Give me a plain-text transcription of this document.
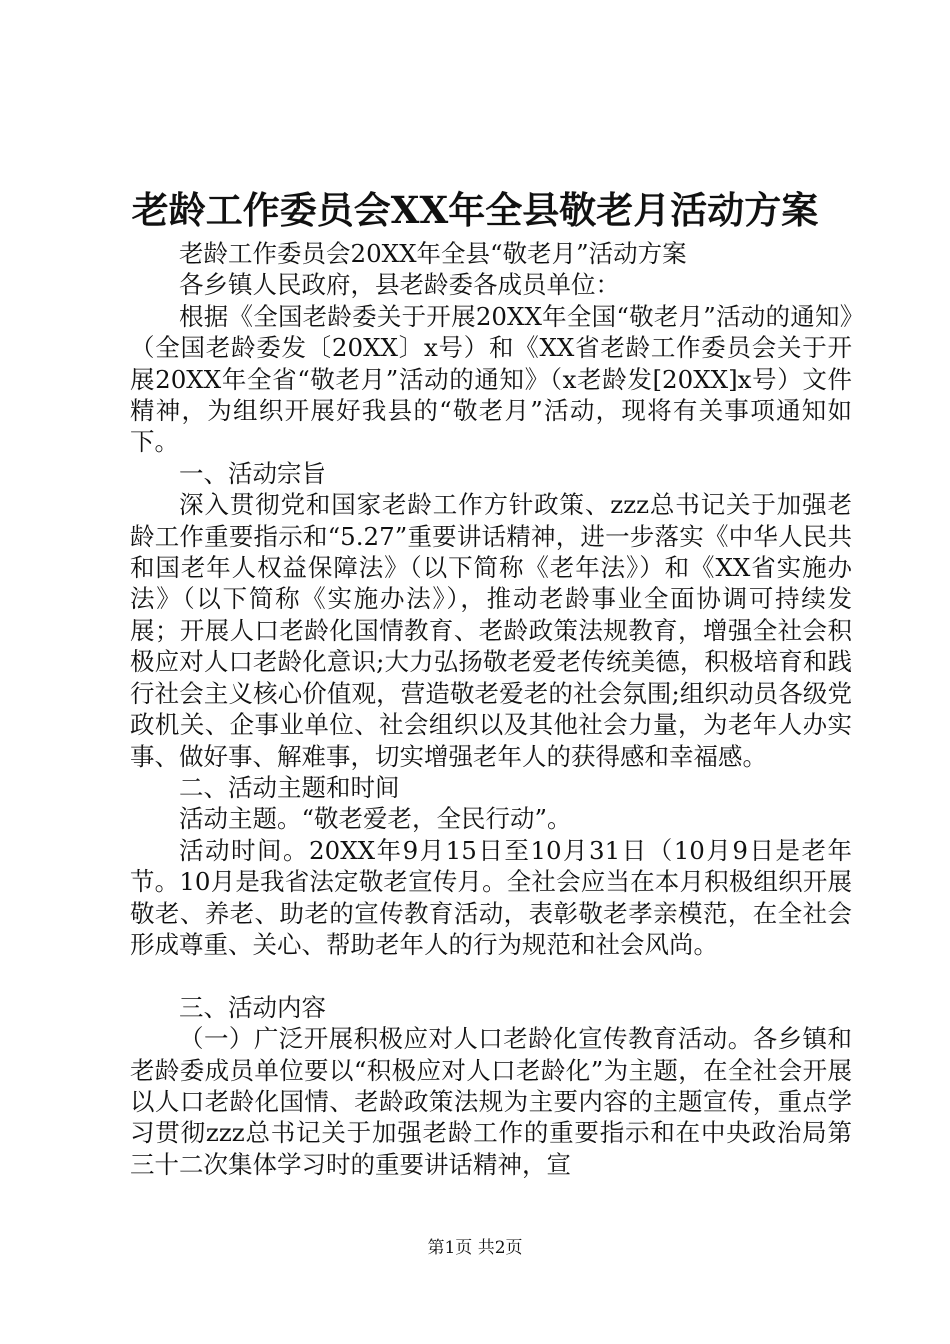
老龄工作委员会XX年全县敬老月活动方案

老龄工作委员会20XX年全县“敬老月”活动方案

各乡镇人民政府，县老龄委各成员单位：

根据《全国老龄委关于开展20XX年全国“敬老月”活动的通知》（全国老龄委发〔20XX〕x号）和《XX省老龄工作委员会关于开展20XX年全省“敬老月”活动的通知》（x老龄发[20XX]x号）文件精神，为组织开展好我县的“敬老月”活动，现将有关事项通知如下。

一、活动宗旨

深入贯彻党和国家老龄工作方针政策、zzz总书记关于加强老龄工作重要指示和“5.27”重要讲话精神，进一步落实《中华人民共和国老年人权益保障法》（以下简称《老年法》）和《XX省实施办法》（以下简称《实施办法》），推动老龄事业全面协调可持续发展；开展人口老龄化国情教育、老龄政策法规教育，增强全社会积极应对人口老龄化意识;大力弘扬敬老爱老传统美德，积极培育和践行社会主义核心价值观，营造敬老爱老的社会氛围;组织动员各级党政机关、企事业单位、社会组织以及其他社会力量，为老年人办实事、做好事、解难事，切实增强老年人的获得感和幸福感。

二、活动主题和时间

活动主题。“敬老爱老，全民行动”。

活动时间。20XX年9月15日至10月31日（10月9日是老年节。10月是我省法定敬老宣传月。全社会应当在本月积极组织开展敬老、养老、助老的宣传教育活动，表彰敬老孝亲模范，在全社会形成尊重、关心、帮助老年人的行为规范和社会风尚。

三、活动内容

（一）广泛开展积极应对人口老龄化宣传教育活动。各乡镇和老龄委成员单位要以“积极应对人口老龄化”为主题，在全社会开展以人口老龄化国情、老龄政策法规为主要内容的主题宣传，重点学习贯彻zzz总书记关于加强老龄工作的重要指示和在中央政治局第三十二次集体学习时的重要讲话精神，宣

第1页 共2页
